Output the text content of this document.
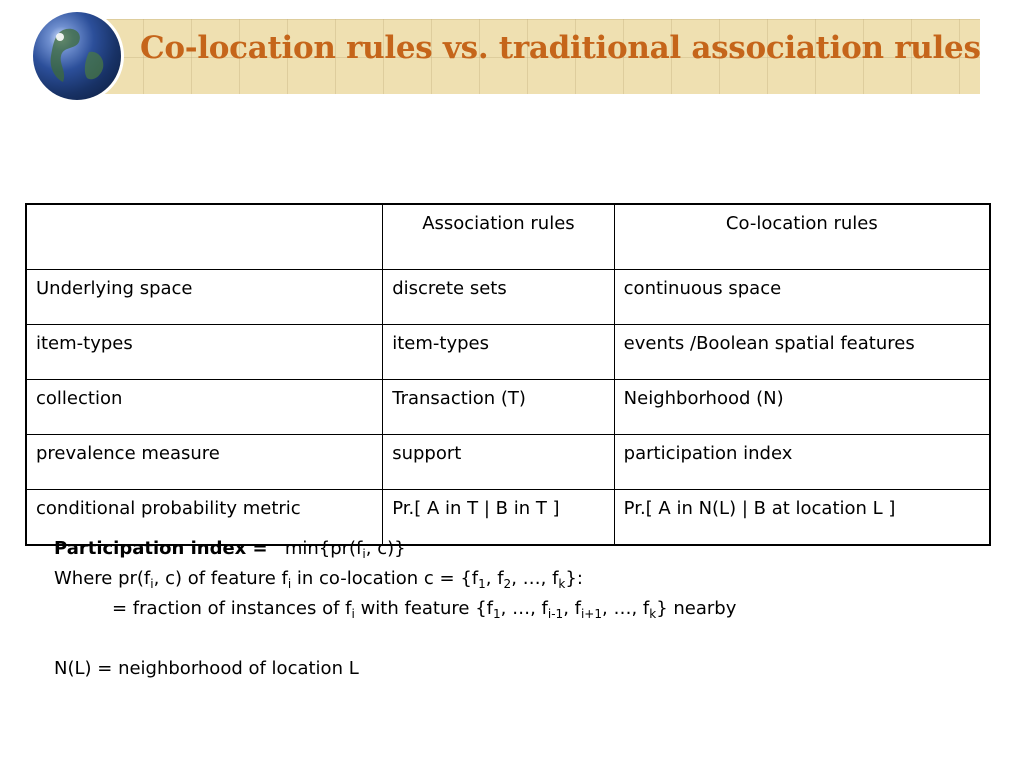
Co-location rules vs. traditional association rules
	Association rules	Co-location rules
Underlying space	discrete sets	continuous space
item-types	item-types	events /Boolean spatial features
collection	Transaction (T)	Neighborhood (N)
prevalence measure	support	participation index
conditional probability metric	Pr.[ A in T | B in T ]	Pr.[ A in N(L) | B at location L ]

Participation index = $\min\{pr(f_i$, c)}

Where $pr(f_i$, c) of feature $f_i$ in co-location $c = \{f_1$, $f_2$, …, $f_k$}:

= fraction of instances of $f_i$ with feature {$f_1$, …, $f_{i-1}$, $f_{i+1}$, …, $f_k$} nearby

N(L) = neighborhood of location L
